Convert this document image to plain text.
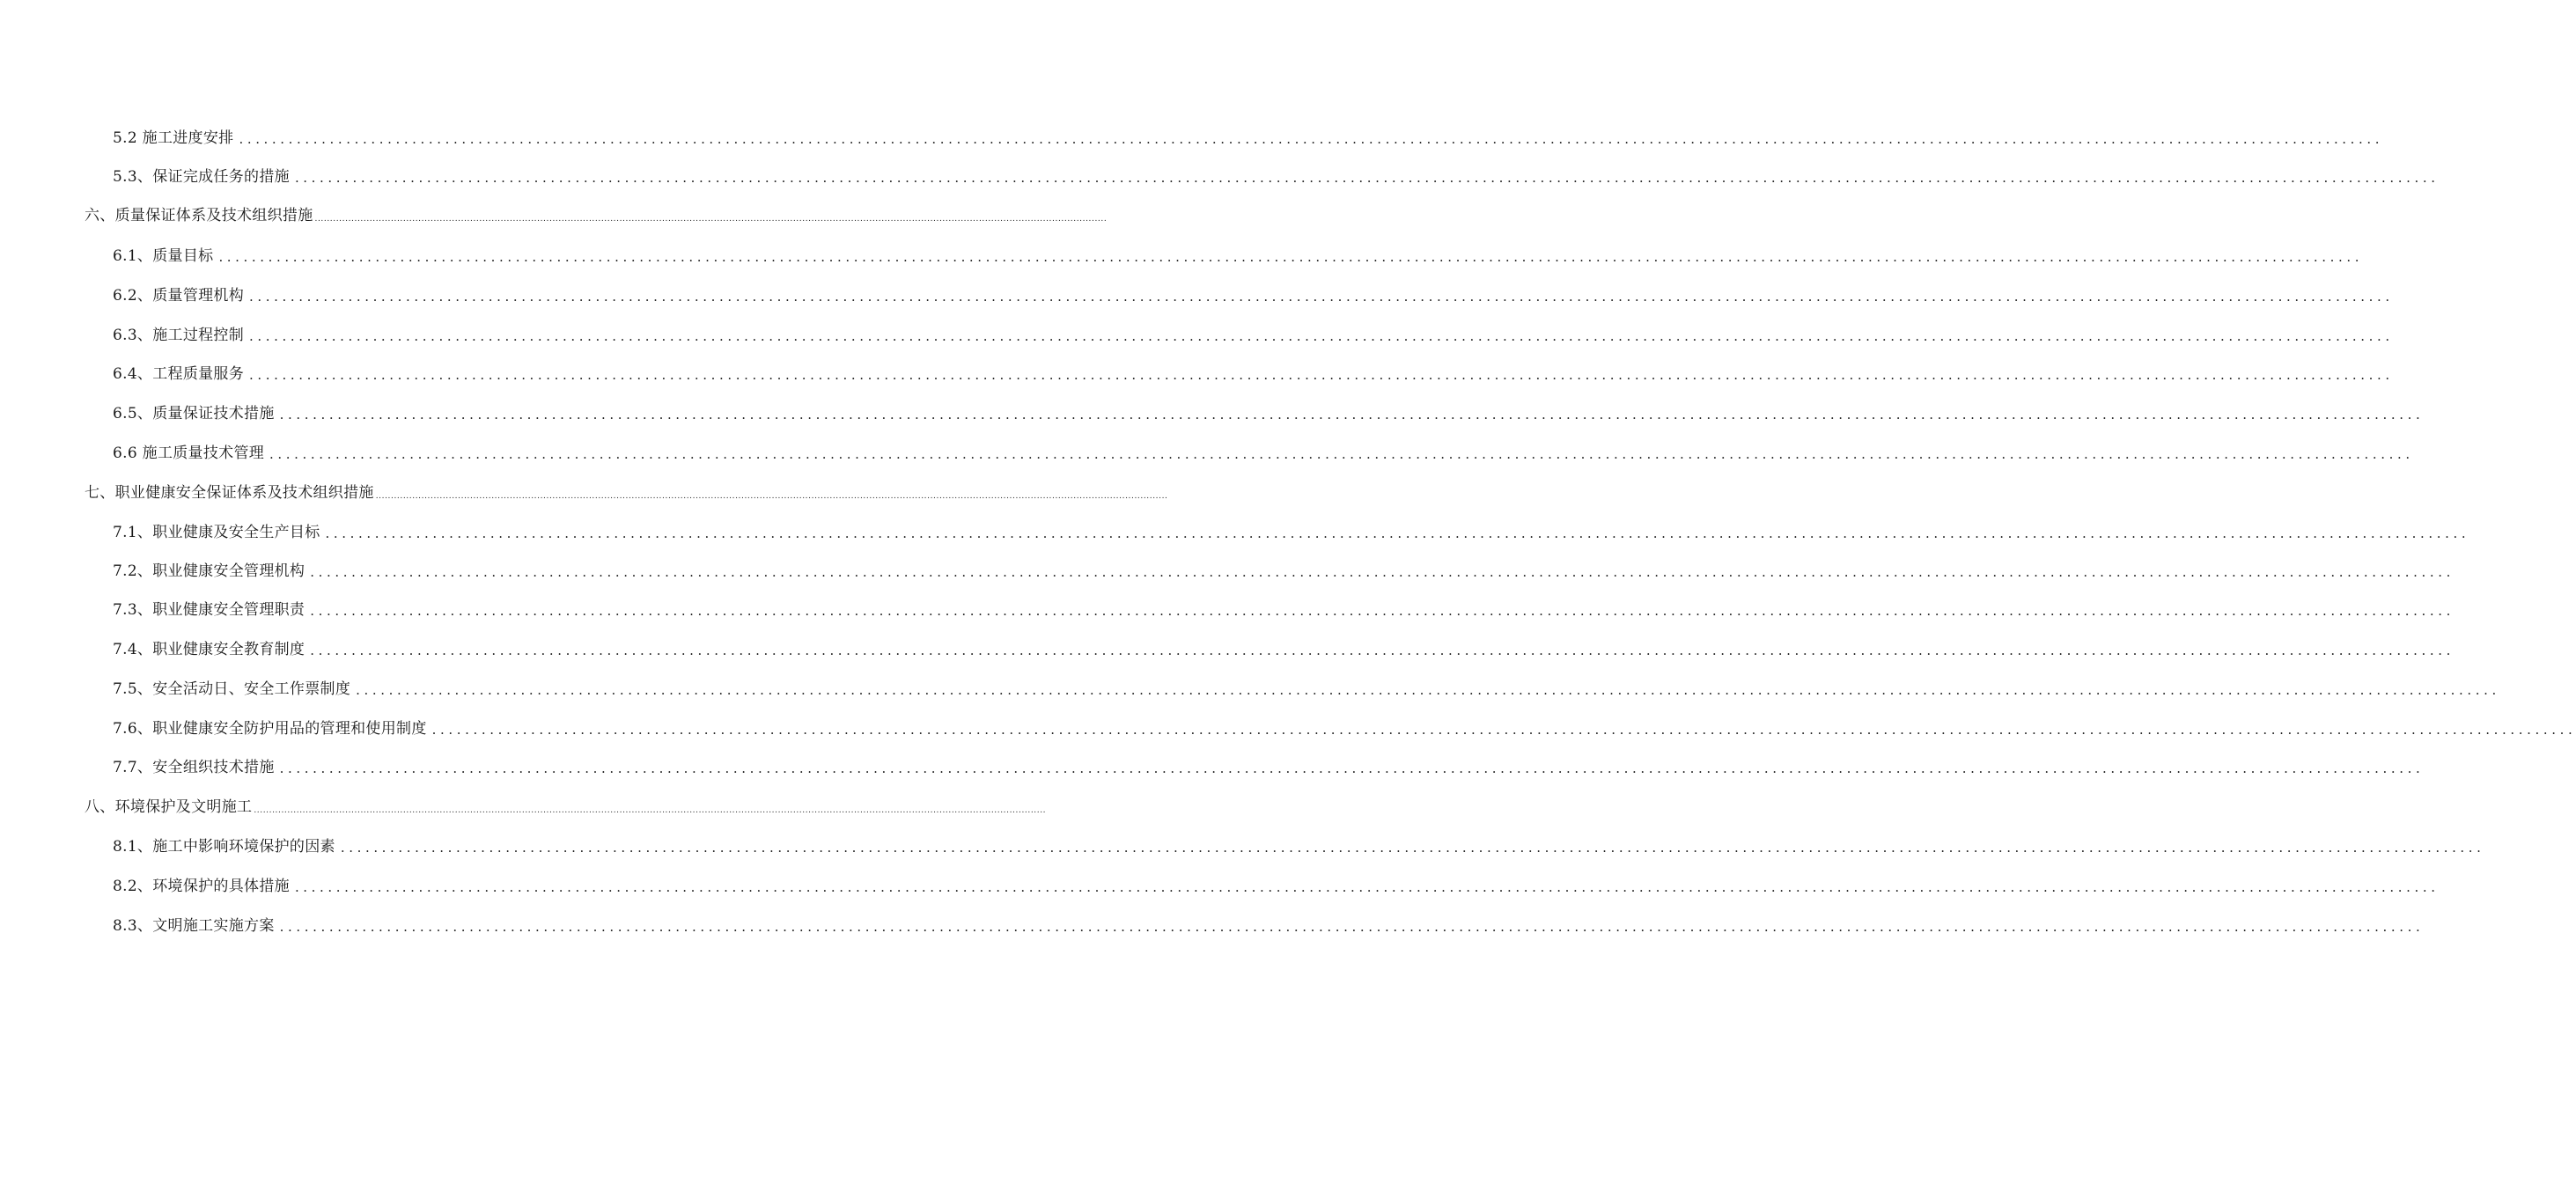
5.2 施工进度安排 ....................................................................................................................................................................................................................................................................
5.3、保证完成任务的措施 ....................................................................................................................................................................................................................................................................
六、质量保证体系及技术组织措施 ....................................................................................................................................................................................................................................................................
6.1、质量目标 ....................................................................................................................................................................................................................................................................
6.2、质量管理机构 ....................................................................................................................................................................................................................................................................
6.3、施工过程控制 ....................................................................................................................................................................................................................................................................
6.4、工程质量服务 ....................................................................................................................................................................................................................................................................
6.5、质量保证技术措施 ....................................................................................................................................................................................................................................................................
6.6 施工质量技术管理 ....................................................................................................................................................................................................................................................................
七、职业健康安全保证体系及技术组织措施 ....................................................................................................................................................................................................................................................................
7.1、职业健康及安全生产目标 ....................................................................................................................................................................................................................................................................
7.2、职业健康安全管理机构 ....................................................................................................................................................................................................................................................................
7.3、职业健康安全管理职责 ....................................................................................................................................................................................................................................................................
7.4、职业健康安全教育制度 ....................................................................................................................................................................................................................................................................
7.5、安全活动日、安全工作票制度 ....................................................................................................................................................................................................................................................................
7.6、职业健康安全防护用品的管理和使用制度 ....................................................................................................................................................................................................................................................................
7.7、安全组织技术措施 ....................................................................................................................................................................................................................................................................
八、环境保护及文明施工 ....................................................................................................................................................................................................................................................................
8.1、施工中影响环境保护的因素 ....................................................................................................................................................................................................................................................................
8.2、环境保护的具体措施 ....................................................................................................................................................................................................................................................................
8.3、文明施工实施方案 ....................................................................................................................................................................................................................................................................
